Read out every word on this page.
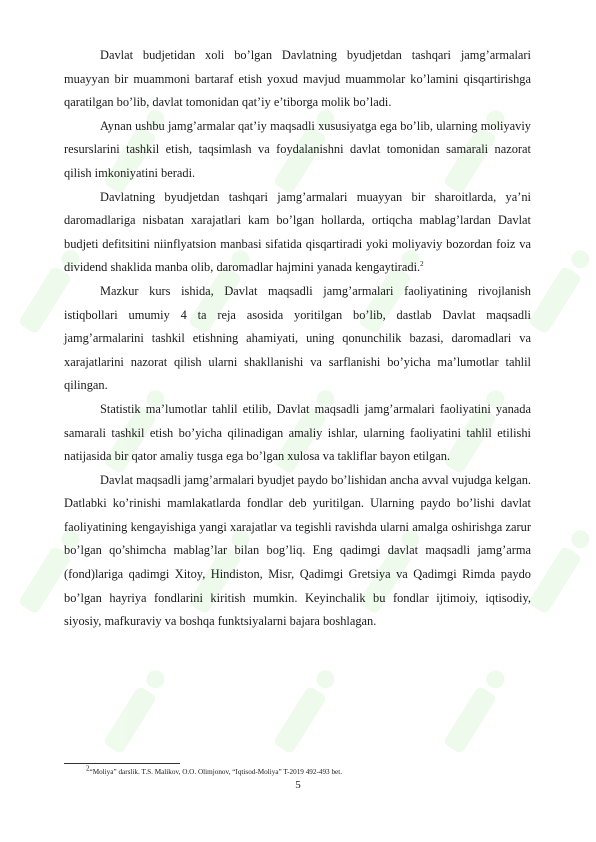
Davlat budjetidan xoli bo’lgan Davlatning byudjetdan tashqari jamg’armalari muayyan bir muammoni bartaraf etish yoxud mavjud muammolar ko’lamini qisqartirishga qaratilgan bo’lib, davlat tomonidan qat’iy e’tiborga molik bo’ladi.

Aynan ushbu jamg’armalar qat’iy maqsadli xususiyatga ega bo’lib, ularning moliyaviy resurslarini tashkil etish, taqsimlash va foydalanishni davlat tomonidan samarali nazorat qilish imkoniyatini beradi.

Davlatning byudjetdan tashqari jamg’armalari muayyan bir sharoitlarda, ya’ni daromadlariga nisbatan xarajatlari kam bo’lgan hollarda, ortiqcha mablag’lardan Davlat budjeti defitsitini niinflyatsion manbasi sifatida qisqartiradi yoki moliyaviy bozordan foiz va dividend shaklida manba olib, daromadlar hajmini yanada kengaytiradi.$^2$

Mazkur kurs ishida, Davlat maqsadli jamg’armalari faoliyatining rivojlanish istiqbollari umumiy 4 ta reja asosida yoritilgan bo’lib, dastlab Davlat maqsadli jamg’armalarini tashkil etishning ahamiyati, uning qonunchilik bazasi, daromadlari va xarajatlarini nazorat qilish ularni shakllanishi va sarflanishi bo’yicha ma’lumotlar tahlil qilingan.

Statistik ma’lumotlar tahlil etilib, Davlat maqsadli jamg’armalari faoliyatini yanada samarali tashkil etish bo’yicha qilinadigan amaliy ishlar, ularning faoliyatini tahlil etilishi natijasida bir qator amaliy tusga ega bo’lgan xulosa va takliflar bayon etilgan.

Davlat maqsadli jamg’armalari byudjet paydo bo’lishidan ancha avval vujudga kelgan. Datlabki ko’rinishi mamlakatlarda fondlar deb yuritilgan. Ularning paydo bo’lishi davlat faoliyatining kengayishiga yangi xarajatlar va tegishli ravishda ularni amalga oshirishga zarur bo’lgan qo’shimcha mablag’lar bilan bog’liq. Eng qadimgi davlat maqsadli jamg’arma (fond)lariga qadimgi Xitoy, Hindiston, Misr, Qadimgi Gretsiya va Qadimgi Rimda paydo bo’lgan hayriya fondlarini kiritish mumkin. Keyinchalik bu fondlar ijtimoiy, iqtisodiy, siyosiy, mafkuraviy va boshqa funktsiyalarni bajara boshlagan.

$^2$“Moliya” darslik. T.S. Malikov, O.O. Olimjonov, “Iqtisod-Moliya” T-2019 492-493 bet.
5
